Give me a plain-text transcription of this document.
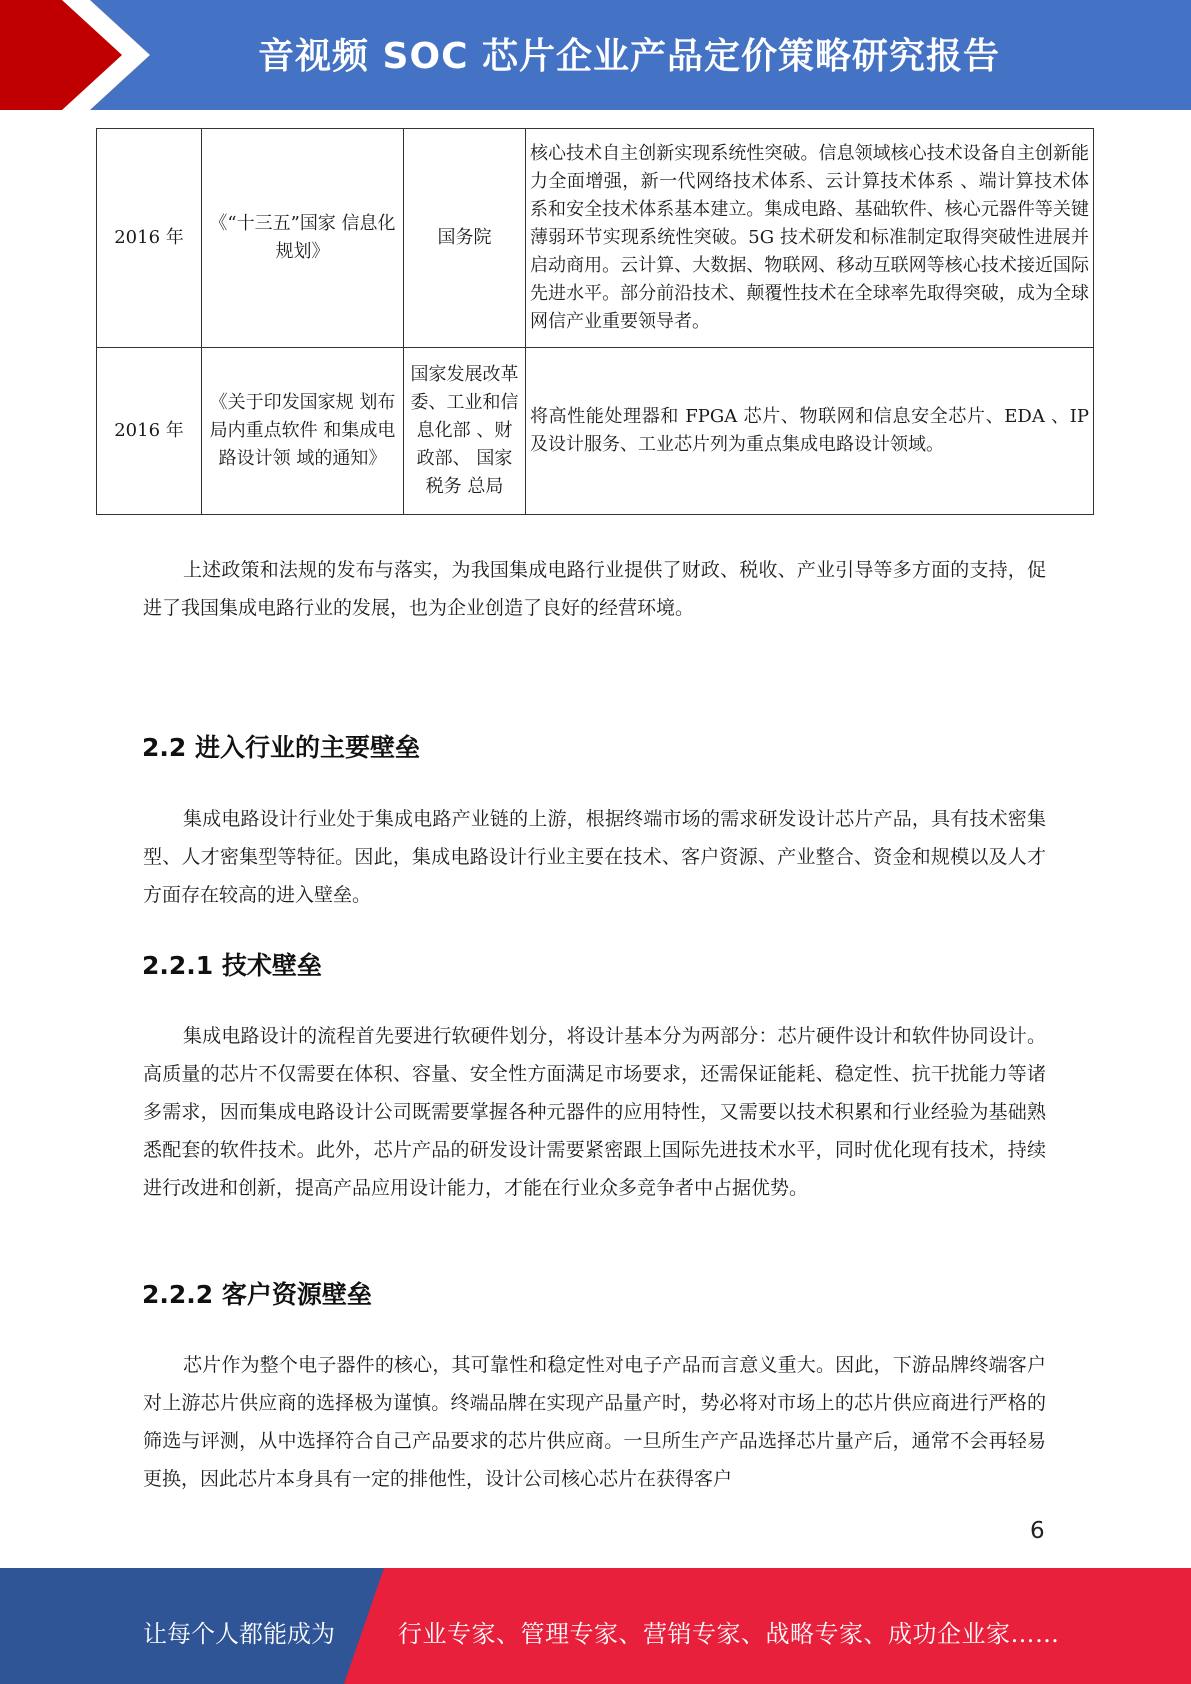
音视频 SOC 芯片企业产品定价策略研究报告
2016 年	《“十三五”国家 信息化规划》	国务院	核心技术自主创新实现系统性突破。信息领域核心技术设备自主创新能力全面增强，新一代网络技术体系、云计算技术体系 、端计算技术体系和安全技术体系基本建立。集成电路、基础软件、核心元器件等关键薄弱环节实现系统性突破。5G 技术研发和标准制定取得突破性进展并启动商用。云计算、大数据、物联网、移动互联网等核心技术接近国际先进水平。部分前沿技术、颠覆性技术在全球率先取得突破，成为全球网信产业重要领导者。
2016 年	《关于印发国家规 划布局内重点软件 和集成电路设计领 域的通知》	国家发展改革委、工业和信息化部 、财政部、 国家税务 总局	将高性能处理器和 FPGA 芯片、物联网和信息安全芯片、EDA 、IP 及设计服务、工业芯片列为重点集成电路设计领域。

上述政策和法规的发布与落实，为我国集成电路行业提供了财政、税收、产业引导等多方面的支持，促进了我国集成电路行业的发展，也为企业创造了良好的经营环境。

2.2 进入行业的主要壁垒

集成电路设计行业处于集成电路产业链的上游，根据终端市场的需求研发设计芯片产品，具有技术密集型、人才密集型等特征。因此，集成电路设计行业主要在技术、客户资源、产业整合、资金和规模以及人才方面存在较高的进入壁垒。

2.2.1 技术壁垒

集成电路设计的流程首先要进行软硬件划分，将设计基本分为两部分：芯片硬件设计和软件协同设计。高质量的芯片不仅需要在体积、容量、安全性方面满足市场要求，还需保证能耗、稳定性、抗干扰能力等诸多需求，因而集成电路设计公司既需要掌握各种元器件的应用特性，又需要以技术积累和行业经验为基础熟悉配套的软件技术。此外，芯片产品的研发设计需要紧密跟上国际先进技术水平，同时优化现有技术，持续进行改进和创新，提高产品应用设计能力，才能在行业众多竞争者中占据优势。

2.2.2 客户资源壁垒

芯片作为整个电子器件的核心，其可靠性和稳定性对电子产品而言意义重大。因此，下游品牌终端客户对上游芯片供应商的选择极为谨慎。终端品牌在实现产品量产时，势必将对市场上的芯片供应商进行严格的筛选与评测，从中选择符合自己产品要求的芯片供应商。一旦所生产产品选择芯片量产后，通常不会再轻易更换，因此芯片本身具有一定的排他性，设计公司核心芯片在获得客户

6
让每个人都能成为	行业专家、管理专家、营销专家、战略专家、成功企业家……
